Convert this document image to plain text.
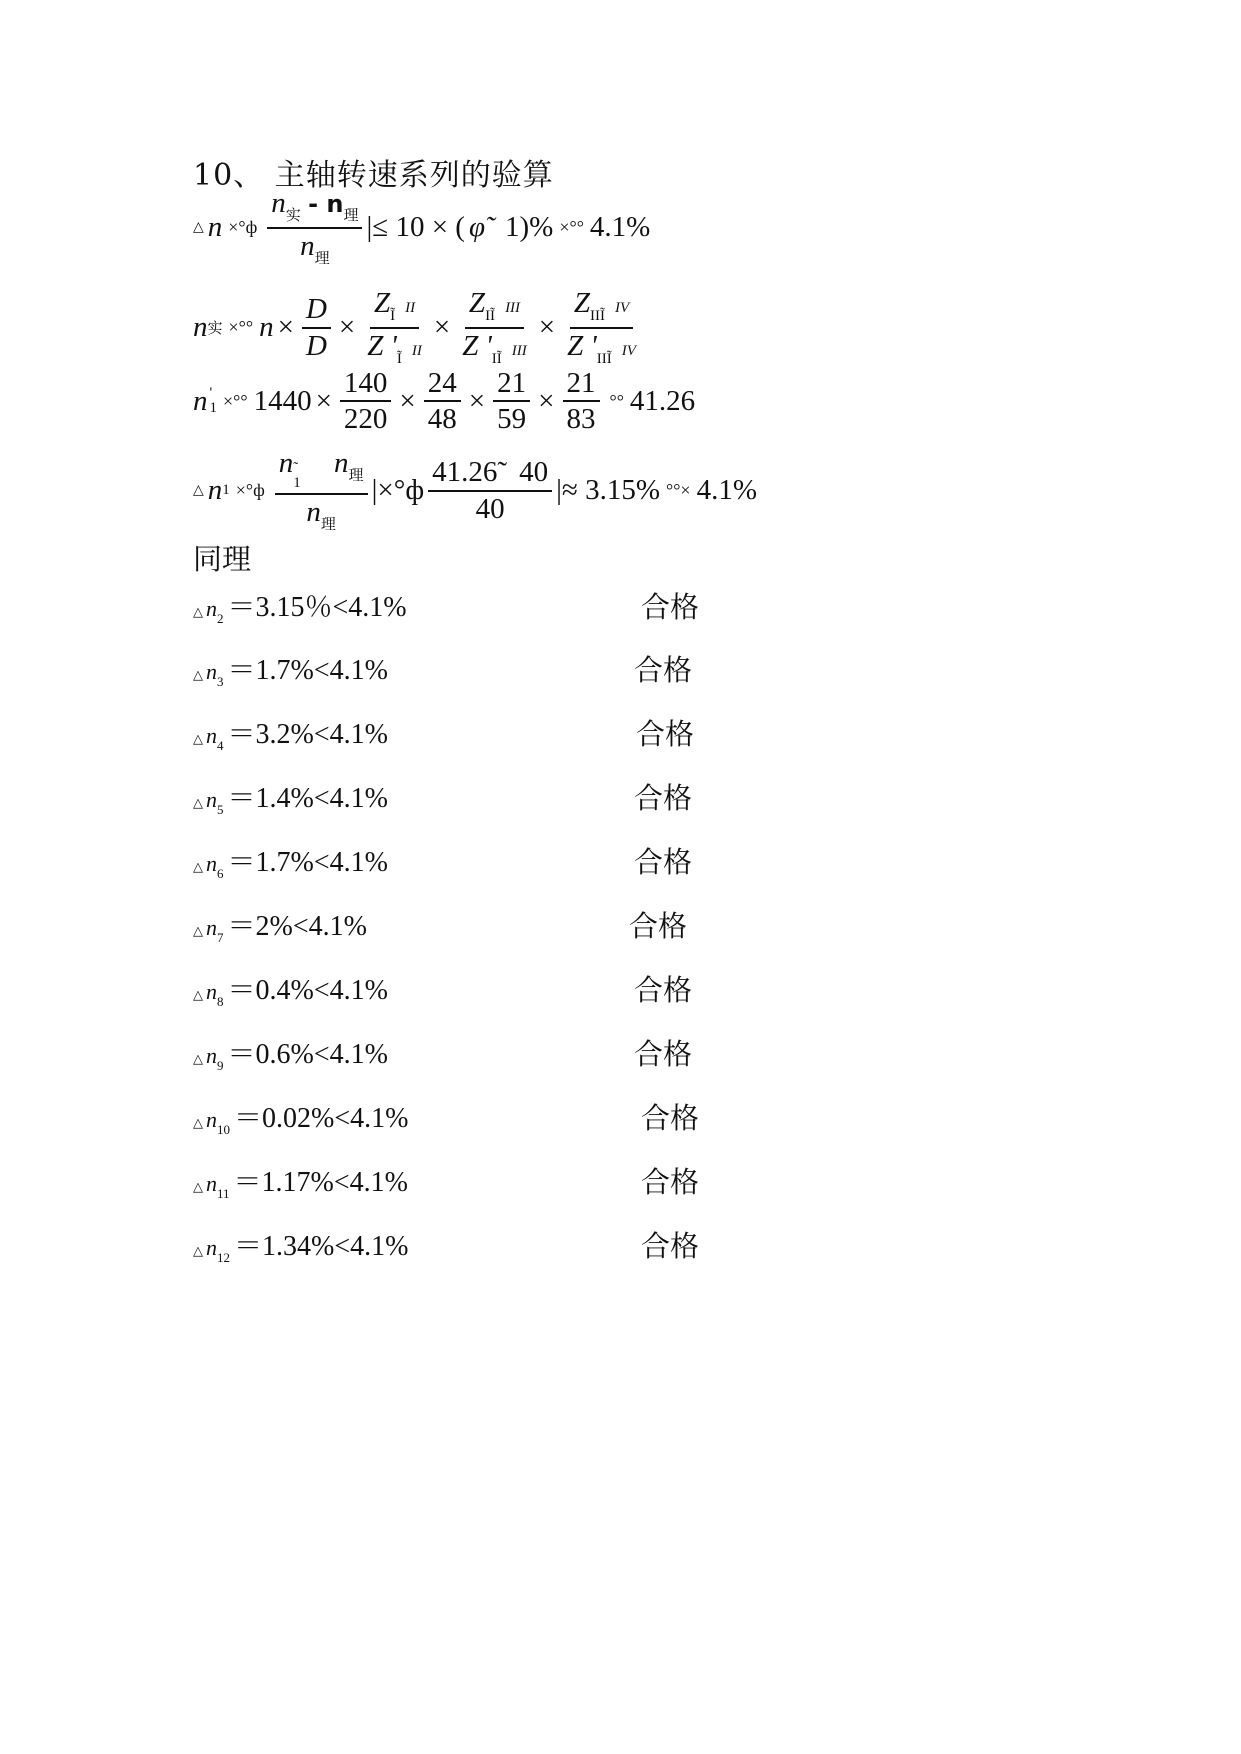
10、 主轴转速系列的验算
△ $n \times^\circ ф \frac{n_实 - n_理}{n_理}$ |≤ 10 × ( φ̃ 1)% ×°° 4.1%
n 实 ×°° $n \times \frac{D}{D} \times \frac{Z_Ĩ II}{Z '_Ĩ II} \times \frac{Z_{IĨ} III}{Z '_{IĨ} III} \times \frac{Z_{IIĨ} IV}{Z '_{IIĨ} IV}$
n '
1 ×°° $1440 \times \frac{140}{220} \times \frac{24}{48} \times \frac{21}{59} \times \frac{21}{83}$ °° 41.26
△ n 1 ×°ф n ˜
1
$n_理$
$n_理$ $|\times^\circ ф \frac{41.26̃ 40}{40}$ |≈ 3.15% °°× 4.1%
同理
△ $n_2 =3.15$％<4.1%	合格
△ $n_3 =1.7\%<4.1\%$	合格
△ $n_4 =3.2\%<4.1\%$	合格
△ $n_5 =1.4\%<4.1\%$	合格
△ $n_6 =1.7\%<4.1\%$	合格
△ $n_7 =2\%<4.1\%$	合格
△ $n_8 =0.4\%<4.1\%$	合格
△ $n_9 =0.6\%<4.1\%$	合格
△ $n_{10} =0.02\%<4.1\%$	合格
△ $n_{11} =1.17\%<4.1\%$	合格
△ $n_{12} =1.34\%<4.1\%$	合格
